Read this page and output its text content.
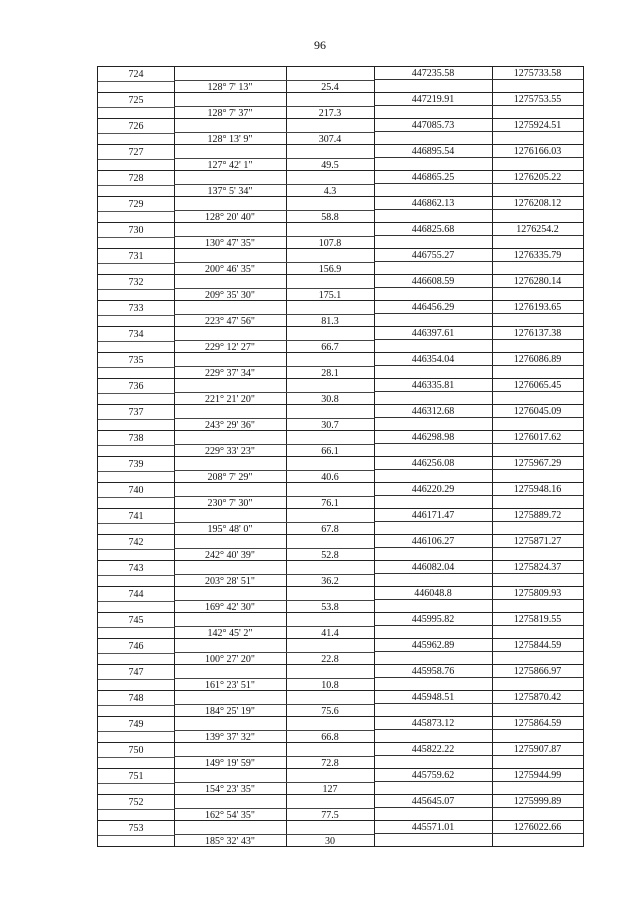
96
724	447235.58	1275733.58
128° 7' 13"	25.4
725	447219.91	1275753.55
128° 7' 37"	217.3
726	447085.73	1275924.51
128° 13' 9"	307.4
727	446895.54	1276166.03
127° 42' 1"	49.5
728	446865.25	1276205.22
137° 5' 34"	4.3
729	446862.13	1276208.12
128° 20' 40"	58.8
730	446825.68	1276254.2
130° 47' 35"	107.8
731	446755.27	1276335.79
200° 46' 35"	156.9
732	446608.59	1276280.14
209° 35' 30"	175.1
733	446456.29	1276193.65
223° 47' 56"	81.3
734	446397.61	1276137.38
229° 12' 27"	66.7
735	446354.04	1276086.89
229° 37' 34"	28.1
736	446335.81	1276065.45
221° 21' 20"	30.8
737	446312.68	1276045.09
243° 29' 36"	30.7
738	446298.98	1276017.62
229° 33' 23"	66.1
739	446256.08	1275967.29
208° 7' 29"	40.6
740	446220.29	1275948.16
230° 7' 30"	76.1
741	446171.47	1275889.72
195° 48' 0"	67.8
742	446106.27	1275871.27
242° 40' 39"	52.8
743	446082.04	1275824.37
203° 28' 51"	36.2
744	446048.8	1275809.93
169° 42' 30"	53.8
745	445995.82	1275819.55
142° 45' 2"	41.4
746	445962.89	1275844.59
100° 27' 20"	22.8
747	445958.76	1275866.97
161° 23' 51"	10.8
748	445948.51	1275870.42
184° 25' 19"	75.6
749	445873.12	1275864.59
139° 37' 32"	66.8
750	445822.22	1275907.87
149° 19' 59"	72.8
751	445759.62	1275944.99
154° 23' 35"	127
752	445645.07	1275999.89
162° 54' 35"	77.5
753	445571.01	1276022.66
185° 32' 43"	30
